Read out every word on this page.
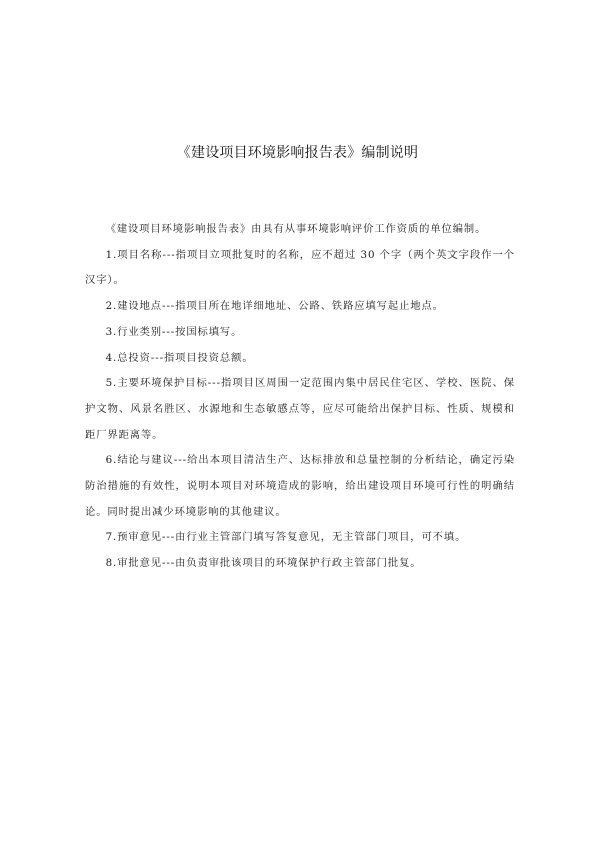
《建设项目环境影响报告表》编制说明

《建设项目环境影响报告表》由具有从事环境影响评价工作资质的单位编制。

1.项目名称---指项目立项批复时的名称，应不超过 30 个字（两个英文字段作一个汉字）。

2.建设地点---指项目所在地详细地址、公路、铁路应填写起止地点。

3.行业类别---按国标填写。

4.总投资---指项目投资总额。

5.主要环境保护目标---指项目区周围一定范围内集中居民住宅区、学校、医院、保护文物、风景名胜区、水源地和生态敏感点等，应尽可能给出保护目标、性质、规模和距厂界距离等。

6.结论与建议---给出本项目清洁生产、达标排放和总量控制的分析结论，确定污染防治措施的有效性，说明本项目对环境造成的影响，给出建设项目环境可行性的明确结论。同时提出减少环境影响的其他建议。

7.预审意见---由行业主管部门填写答复意见，无主管部门项目，可不填。

8.审批意见---由负责审批该项目的环境保护行政主管部门批复。
